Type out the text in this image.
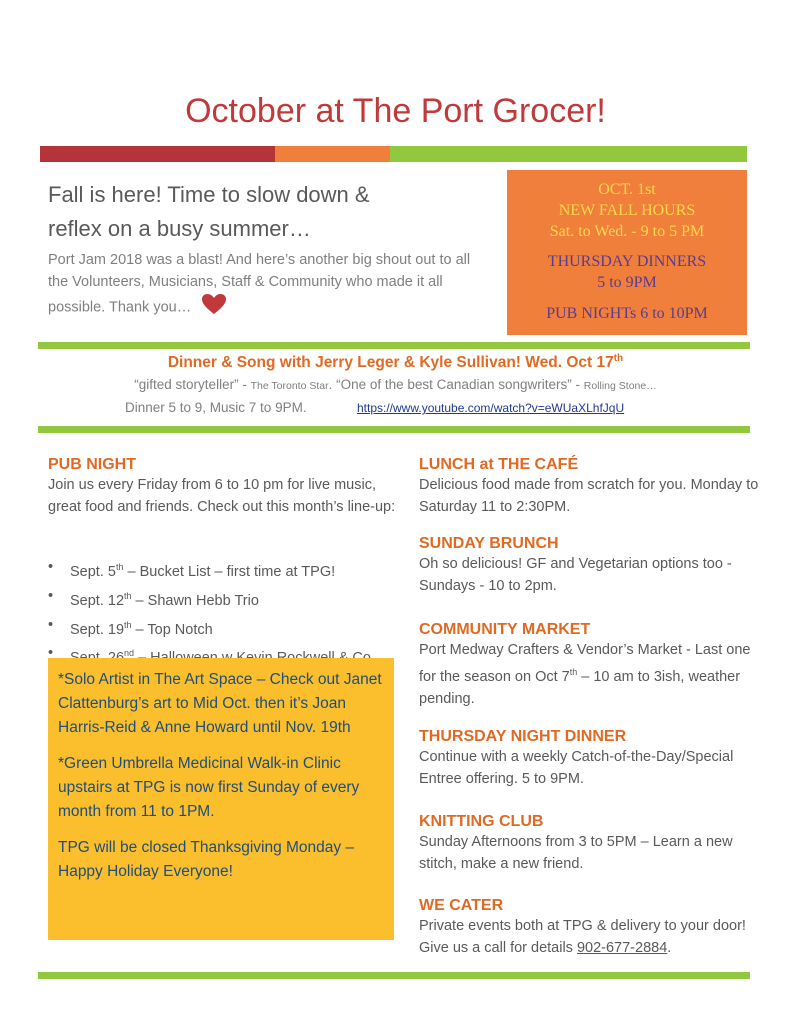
October at The Port Grocer!
Fall is here! Time to slow down &
reflex on a busy summer…
Port Jam 2018 was a blast! And here’s another big shout out to all the Volunteers, Musicians, Staff & Community who made it all possible. Thank you…
OCT. 1st
NEW FALL HOURS
Sat. to Wed. - 9 to 5 PM
THURSDAY DINNERS
5 to 9PM
PUB NIGHTs 6 to 10PM
Dinner & Song with Jerry Leger & Kyle Sullivan! Wed. Oct 17th
“gifted storyteller” - The Toronto Star. “One of the best Canadian songwriters” - Rolling Stone…
Dinner 5 to 9, Music 7 to 9PM.	https://www.youtube.com/watch?v=eWUaXLhfJqU
PUB NIGHT
Join us every Friday from 6 to 10 pm for live music, great food and friends. Check out this month’s line-up:
• Sept. 5th – Bucket List – first time at TPG!
• Sept. 12th – Shawn Hebb Trio
• Sept. 19th – Top Notch
• $^{nd}$

*Solo Artist in The Art Space – Check out Janet Clattenburg’s art to Mid Oct. then it’s Joan Harris-Reid & Anne Howard until Nov. 19th

*Green Umbrella Medicinal Walk-in Clinic upstairs at TPG is now first Sunday of every month from 11 to 1PM.

TPG will be closed Thanksgiving Monday – Happy Holiday Everyone!

LUNCH at THE CAFÉ
Delicious food made from scratch for you. Monday to Saturday 11 to 2:30PM.
SUNDAY BRUNCH
Oh so delicious! GF and Vegetarian options too - Sundays - 10 to 2pm.
COMMUNITY MARKET
Port Medway Crafters & Vendor’s Market - Last one for the season on Oct 7th – 10 am to 3ish, weather pending.
THURSDAY NIGHT DINNER
Continue with a weekly Catch-of-the-Day/Special Entree offering. 5 to 9PM.
KNITTING CLUB
Sunday Afternoons from 3 to 5PM – Learn a new stitch, make a new friend.
WE CATER
Private events both at TPG & delivery to your door! Give us a call for details 902-677-2884.
